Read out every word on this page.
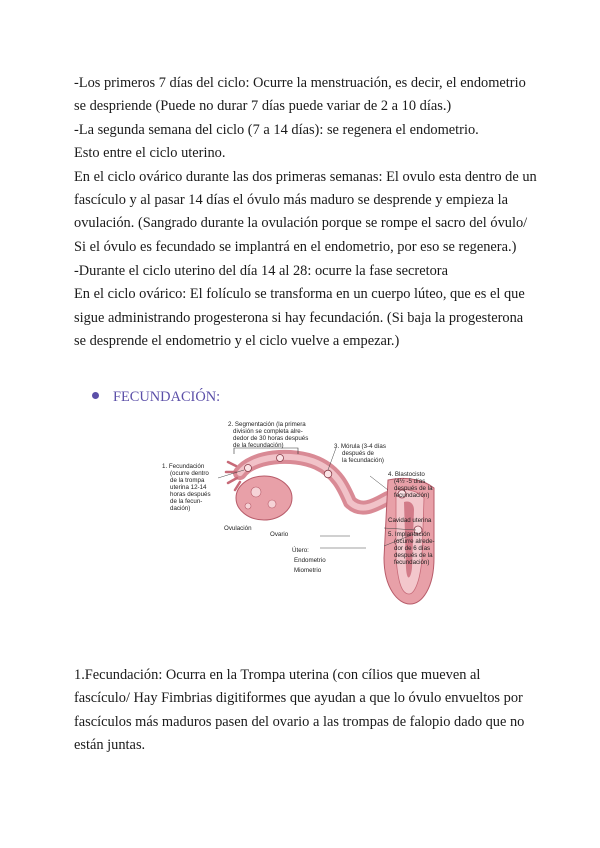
-Los primeros 7 días del ciclo: Ocurre la menstruación, es decir, el endometrio
se despriende (Puede no durar 7 días puede variar de 2 a 10 días.)
-La segunda semana del ciclo (7 a 14 días): se regenera el endometrio.
Esto entre el ciclo uterino.
En el ciclo ovárico durante las dos primeras semanas: El ovulo esta dentro de un
fascículo y al pasar 14 días el óvulo más maduro se desprende y empieza la
ovulación. (Sangrado durante la ovulación porque se rompe el sacro del óvulo/
Si el óvulo es fecundado se implantrá en el endometrio, por eso se regenera.)
-Durante el ciclo uterino del día 14 al 28: ocurre la fase secretora
En el ciclo ovárico: El folículo se transforma en un cuerpo lúteo, que es el que
sigue administrando progesterona si hay fecundación. (Si baja la progesterona
se desprende el endometrio y el ciclo vuelve a empezar.)
FECUNDACIÓN:
2. Segmentación (la primera
división se completa alre-
dedor de 30 horas después
de la fecundación)
1. Fecundación
(ocurre dentro
de la trompa
uterina 12-14
horas después
de la fecun-
dación)
3. Mórula (3-4 días
después de
la fecundación)
4. Blastocisto
(4½ -5 días
después de la
fecundación)
Cavidad uterina
5. Implantación
(ocurre alrede-
dor de 6 días
después de la
fecundación)
Ovulación
Ovario
Útero:
Endometrio
Miometrio
1.Fecundación: Ocurra en la Trompa uterina (con cílios que mueven al
fascículo/ Hay Fimbrias digitiformes que ayudan a que lo óvulo envueltos por
fascículos más maduros pasen del ovario a las trompas de falopio dado que no
están juntas.
